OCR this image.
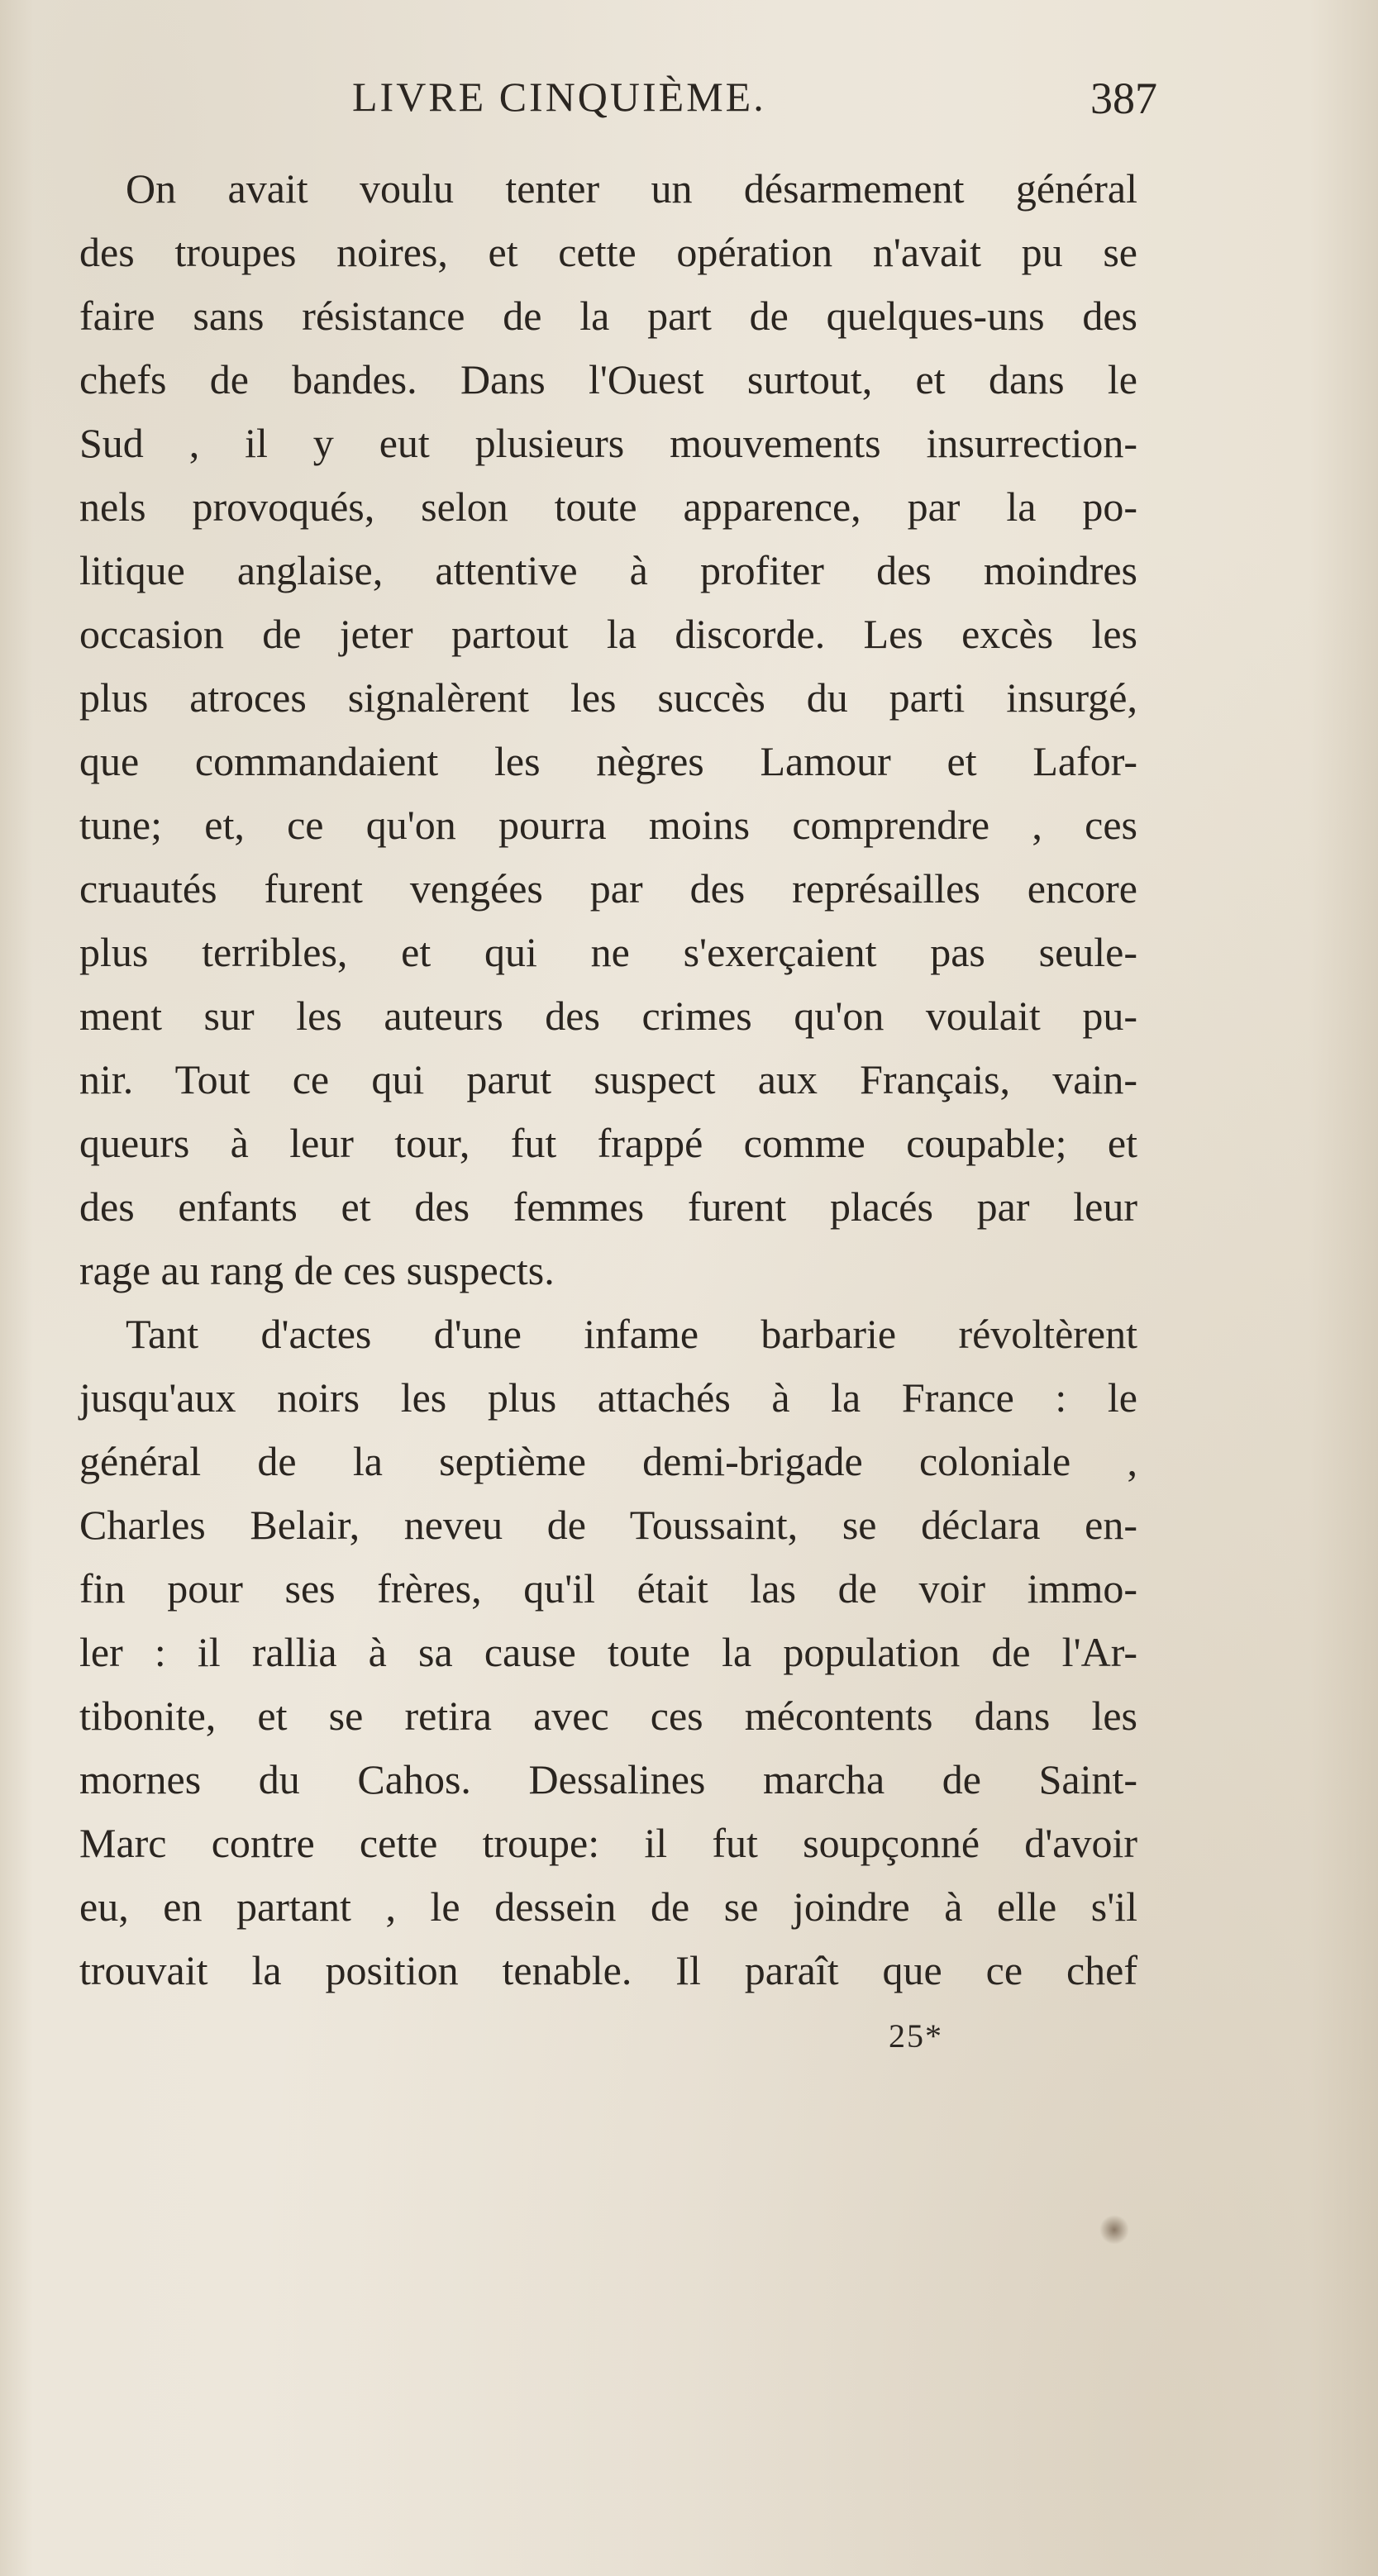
LIVRE CINQUIÈME.	387
On avait voulu tenter un désarmement général
des troupes noires, et cette opération n'avait pu se
faire sans résistance de la part de quelques-uns des
chefs de bandes. Dans l'Ouest surtout, et dans le
Sud , il y eut plusieurs mouvements insurrection-
nels provoqués, selon toute apparence, par la po-
litique anglaise, attentive à profiter des moindres
occasion de jeter partout la discorde. Les excès les
plus atroces signalèrent les succès du parti insurgé,
que commandaient les nègres Lamour et Lafor-
tune; et, ce qu'on pourra moins comprendre , ces
cruautés furent vengées par des représailles encore
plus terribles, et qui ne s'exerçaient pas seule-
ment sur les auteurs des crimes qu'on voulait pu-
nir. Tout ce qui parut suspect aux Français, vain-
queurs à leur tour, fut frappé comme coupable; et
des enfants et des femmes furent placés par leur
rage au rang de ces suspects.
Tant d'actes d'une infame barbarie révoltèrent
jusqu'aux noirs les plus attachés à la France : le
général de la septième demi-brigade coloniale ,
Charles Belair, neveu de Toussaint, se déclara en-
fin pour ses frères, qu'il était las de voir immo-
ler : il rallia à sa cause toute la population de l'Ar-
tibonite, et se retira avec ces mécontents dans les
mornes du Cahos. Dessalines marcha de Saint-
Marc contre cette troupe: il fut soupçonné d'avoir
eu, en partant , le dessein de se joindre à elle s'il
trouvait la position tenable. Il paraît que ce chef
25*
